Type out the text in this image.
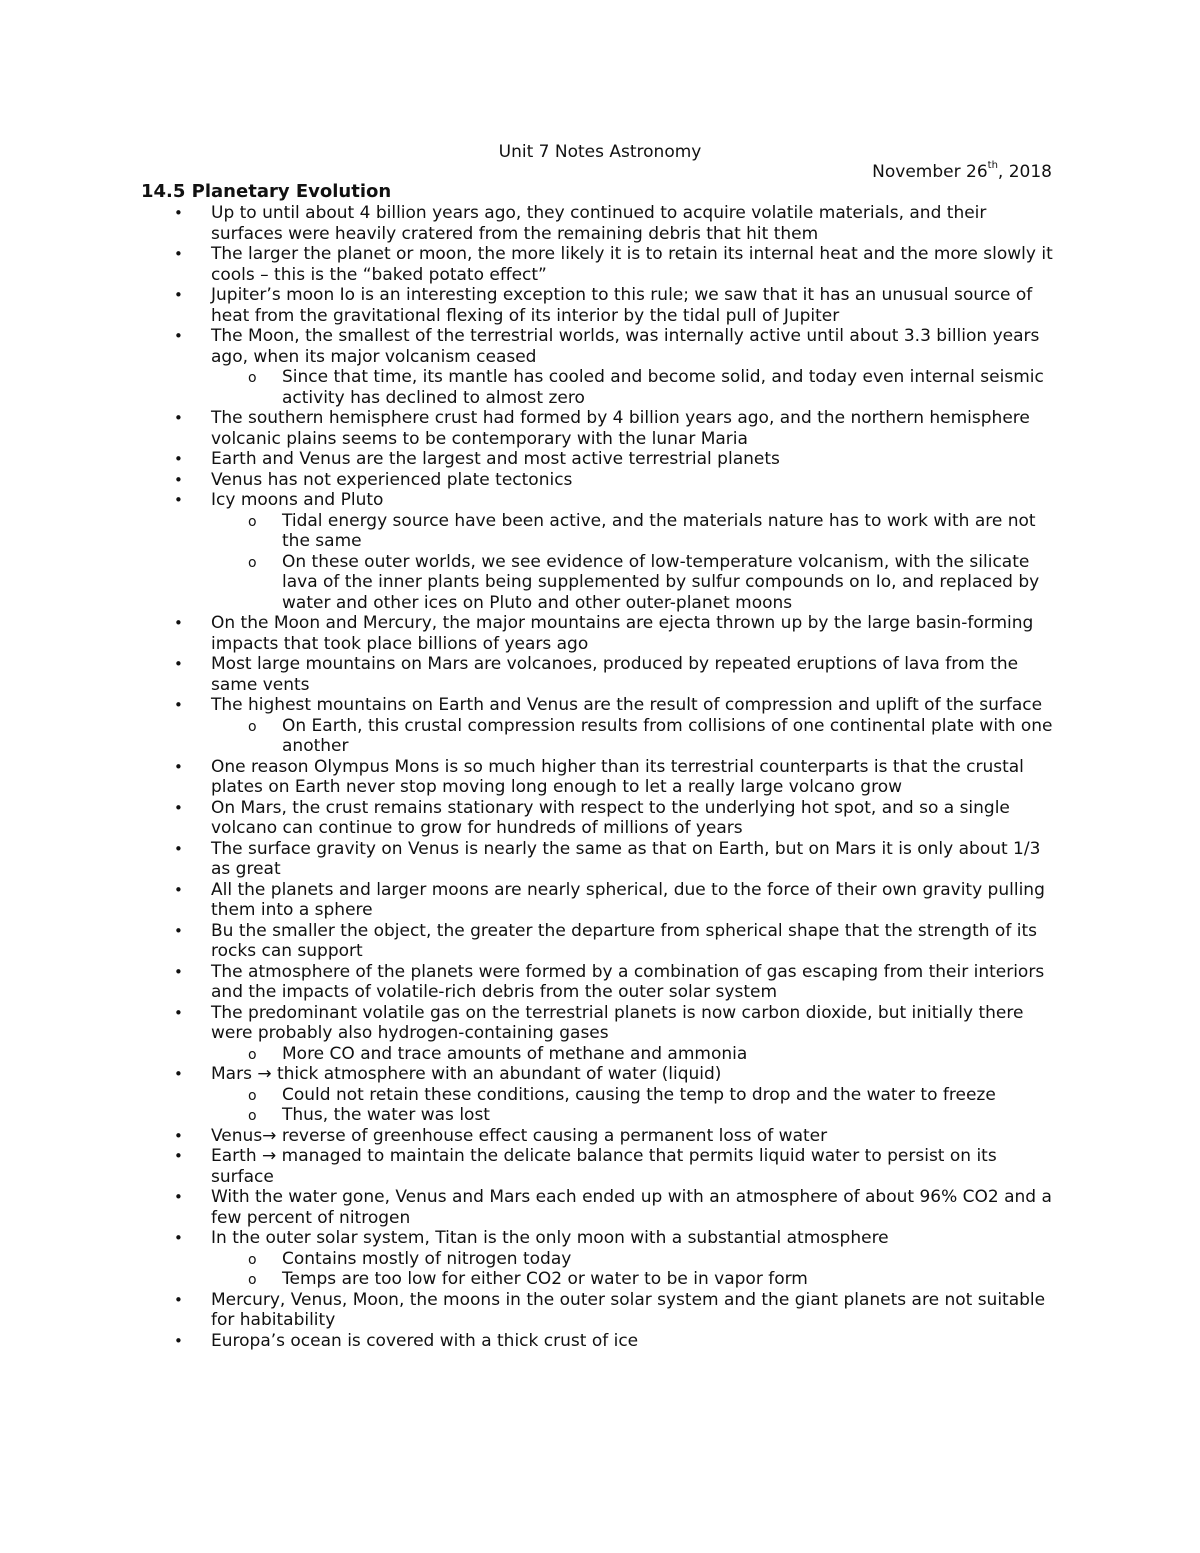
Unit 7 Notes Astronomy
November 26th, 2018
14.5 Planetary Evolution
• Up to until about 4 billion years ago, they continued to acquire volatile materials, and their surfaces were heavily cratered from the remaining debris that hit them
• The larger the planet or moon, the more likely it is to retain its internal heat and the more slowly it cools – this is the “baked potato effect”
• Jupiter’s moon Io is an interesting exception to this rule; we saw that it has an unusual source of heat from the gravitational flexing of its interior by the tidal pull of Jupiter
• The Moon, the smallest of the terrestrial worlds, was internally active until about 3.3 billion years ago, when its major volcanism ceased
o Since that time, its mantle has cooled and become solid, and today even internal seismic activity has declined to almost zero
• The southern hemisphere crust had formed by 4 billion years ago, and the northern hemisphere volcanic plains seems to be contemporary with the lunar Maria
• Earth and Venus are the largest and most active terrestrial planets
• Venus has not experienced plate tectonics
• Icy moons and Pluto
o Tidal energy source have been active, and the materials nature has to work with are not the same
o On these outer worlds, we see evidence of low-temperature volcanism, with the silicate lava of the inner plants being supplemented by sulfur compounds on Io, and replaced by water and other ices on Pluto and other outer-planet moons
• On the Moon and Mercury, the major mountains are ejecta thrown up by the large basin-forming impacts that took place billions of years ago
• Most large mountains on Mars are volcanoes, produced by repeated eruptions of lava from the same vents
• The highest mountains on Earth and Venus are the result of compression and uplift of the surface
o On Earth, this crustal compression results from collisions of one continental plate with one another
• One reason Olympus Mons is so much higher than its terrestrial counterparts is that the crustal plates on Earth never stop moving long enough to let a really large volcano grow
• On Mars, the crust remains stationary with respect to the underlying hot spot, and so a single volcano can continue to grow for hundreds of millions of years
• The surface gravity on Venus is nearly the same as that on Earth, but on Mars it is only about 1/3 as great
• All the planets and larger moons are nearly spherical, due to the force of their own gravity pulling them into a sphere
• Bu the smaller the object, the greater the departure from spherical shape that the strength of its rocks can support
• The atmosphere of the planets were formed by a combination of gas escaping from their interiors and the impacts of volatile-rich debris from the outer solar system
• The predominant volatile gas on the terrestrial planets is now carbon dioxide, but initially there were probably also hydrogen-containing gases
o More CO and trace amounts of methane and ammonia
• Mars → thick atmosphere with an abundant of water (liquid)
o Could not retain these conditions, causing the temp to drop and the water to freeze
o Thus, the water was lost
• Venus→ reverse of greenhouse effect causing a permanent loss of water
• Earth → managed to maintain the delicate balance that permits liquid water to persist on its surface
• With the water gone, Venus and Mars each ended up with an atmosphere of about 96% CO2 and a few percent of nitrogen
• In the outer solar system, Titan is the only moon with a substantial atmosphere
o Contains mostly of nitrogen today
o Temps are too low for either CO2 or water to be in vapor form
• Mercury, Venus, Moon, the moons in the outer solar system and the giant planets are not suitable for habitability
• Europa’s ocean is covered with a thick crust of ice
